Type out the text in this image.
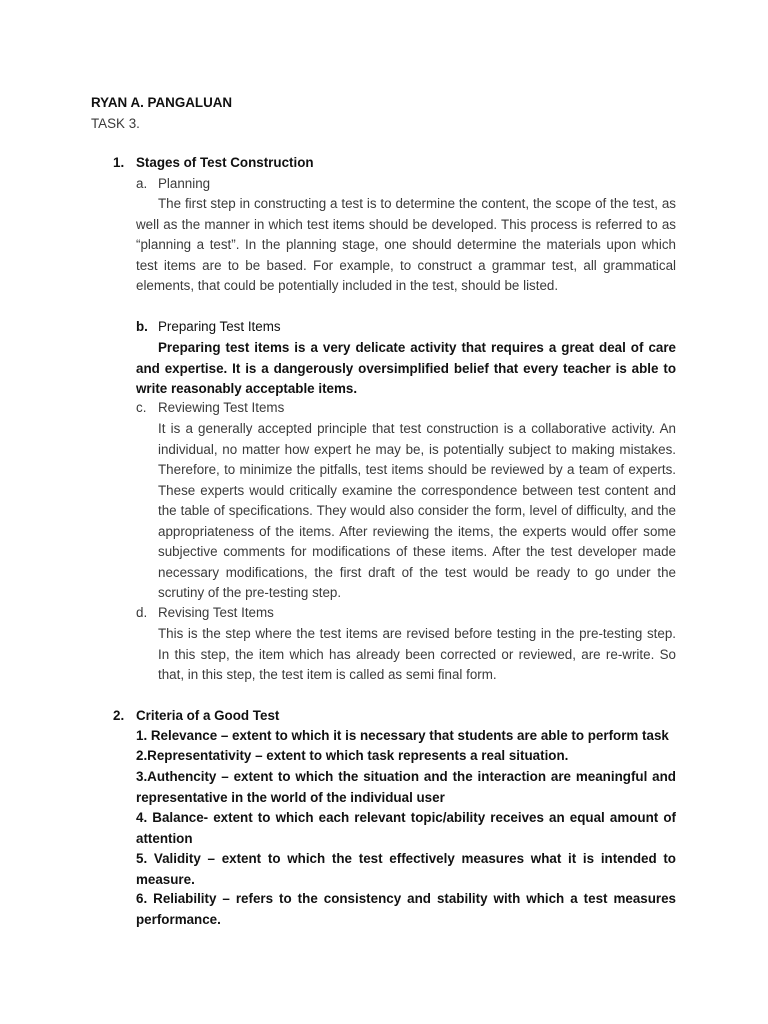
RYAN A. PANGALUAN
TASK 3.
1. Stages of Test Construction
a. Planning
The first step in constructing a test is to determine the content, the scope of the test, as well as the manner in which test items should be developed. This process is referred to as “planning a test”. In the planning stage, one should determine the materials upon which test items are to be based. For example, to construct a grammar test, all grammatical elements, that could be potentially included in the test, should be listed.
b. Preparing Test Items
Preparing test items is a very delicate activity that requires a great deal of care and expertise. It is a dangerously oversimplified belief that every teacher is able to write reasonably acceptable items.
c. Reviewing Test Items
It is a generally accepted principle that test construction is a collaborative activity. An individual, no matter how expert he may be, is potentially subject to making mistakes. Therefore, to minimize the pitfalls, test items should be reviewed by a team of experts. These experts would critically examine the correspondence between test content and the table of specifications. They would also consider the form, level of difficulty, and the appropriateness of the items. After reviewing the items, the experts would offer some subjective comments for modifications of these items. After the test developer made necessary modifications, the first draft of the test would be ready to go under the scrutiny of the pre-testing step.
d. Revising Test Items
This is the step where the test items are revised before testing in the pre-testing step. In this step, the item which has already been corrected or reviewed, are re-write. So that, in this step, the test item is called as semi final form.
2. Criteria of a Good Test
1. Relevance – extent to which it is necessary that students are able to perform task
2.Representativity – extent to which task represents a real situation.
3.Authencity – extent to which the situation and the interaction are meaningful and representative in the world of the individual user
4. Balance- extent to which each relevant topic/ability receives an equal amount of attention
5. Validity – extent to which the test effectively measures what it is intended to measure.
6. Reliability – refers to the consistency and stability with which a test measures performance.
